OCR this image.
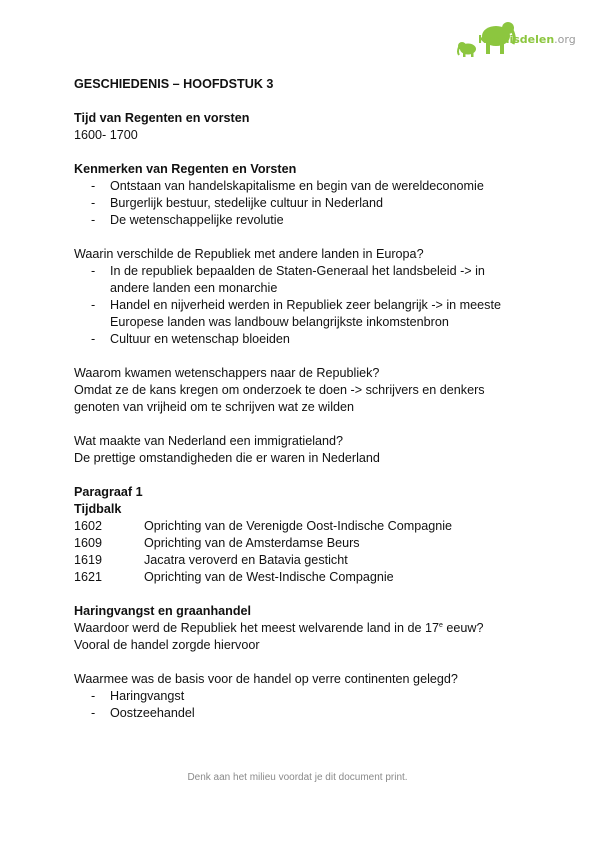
Kennisdelen.org

GESCHIEDENIS – HOOFDSTUK 3

Tijd van Regenten en vorsten

1600- 1700

Kenmerken van Regenten en Vorsten

- Ontstaan van handelskapitalisme en begin van de wereldeconomie
- Burgerlijk bestuur, stedelijke cultuur in Nederland
- De wetenschappelijke revolutie

Waarin verschilde de Republiek met andere landen in Europa?

- In de republiek bepaalden de Staten-Generaal het landsbeleid -> in andere landen een monarchie
- Handel en nijverheid werden in Republiek zeer belangrijk -> in meeste Europese landen was landbouw belangrijkste inkomstenbron
- Cultuur en wetenschap bloeiden

Waarom kwamen wetenschappers naar de Republiek?

Omdat ze de kans kregen om onderzoek te doen -> schrijvers en denkers genoten van vrijheid om te schrijven wat ze wilden

Wat maakte van Nederland een immigratieland?

De prettige omstandigheden die er waren in Nederland

Paragraaf 1

Tijdbalk

1602	Oprichting van de Verenigde Oost-Indische Compagnie
1609	Oprichting van de Amsterdamse Beurs
1619	Jacatra veroverd en Batavia gesticht
1621	Oprichting van de West-Indische Compagnie

Haringvangst en graanhandel

Waardoor werd de Republiek het meest welvarende land in de 17e eeuw?

Vooral de handel zorgde hiervoor

Waarmee was de basis voor de handel op verre continenten gelegd?

- Haringvangst
- Oostzeehandel
Denk aan het milieu voordat je dit document print.
